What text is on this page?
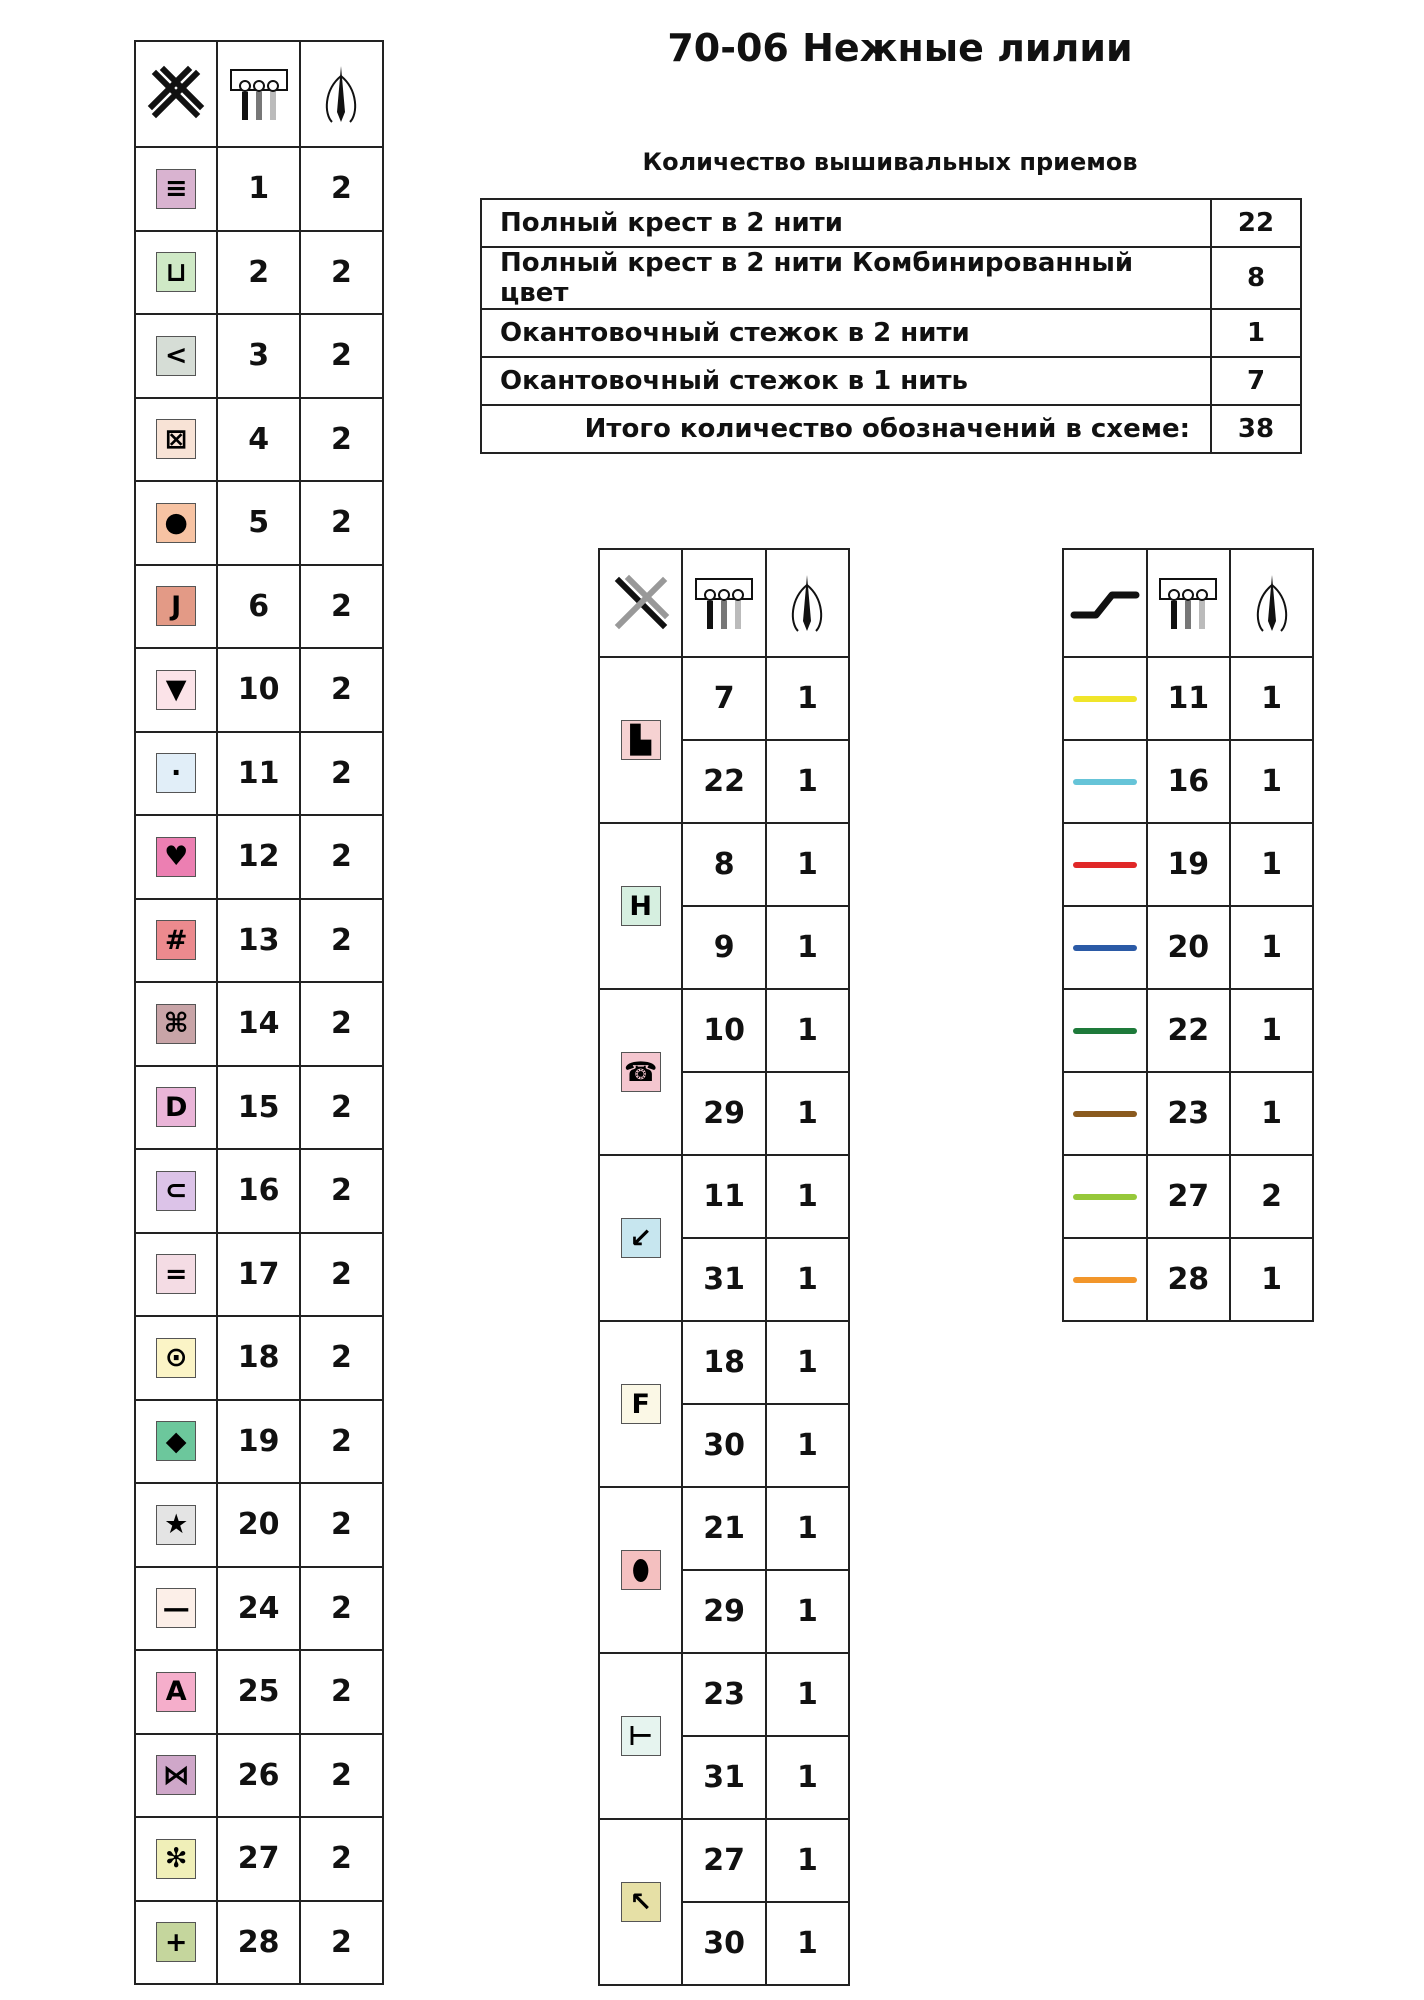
70-06 Нежные лилии
Количество вышивальных приемов
Полный крест в 2 нити	22
Полный крест в 2 нити Комбинированный цвет	8
Окантовочный стежок в 2 нити	1
Окантовочный стежок в 1 нить	7
Итого количество обозначений в схеме:	38

≡	1	2
⊔	2	2
<	3	2
⊠	4	2
●	5	2
J	6	2
▼	10	2
·	11	2
♥	12	2
#	13	2
⌘	14	2
D	15	2
⊂	16	2
=	17	2
⊙	18	2
◆	19	2
★	20	2
—	24	2
A	25	2
⋈	26	2
✻	27	2
+	28	2

▙	7	1
	22	1
H	8	1
	9	1
☎	10	1
	29	1
↙	11	1
	31	1
F	18	1
	30	1
⬮	21	1
	29	1
⊢	23	1
	31	1
↖	27	1
	30	1

	11	1

	16	1

	19	1

	20	1

	22	1

	23	1

	27	2

	28	1
